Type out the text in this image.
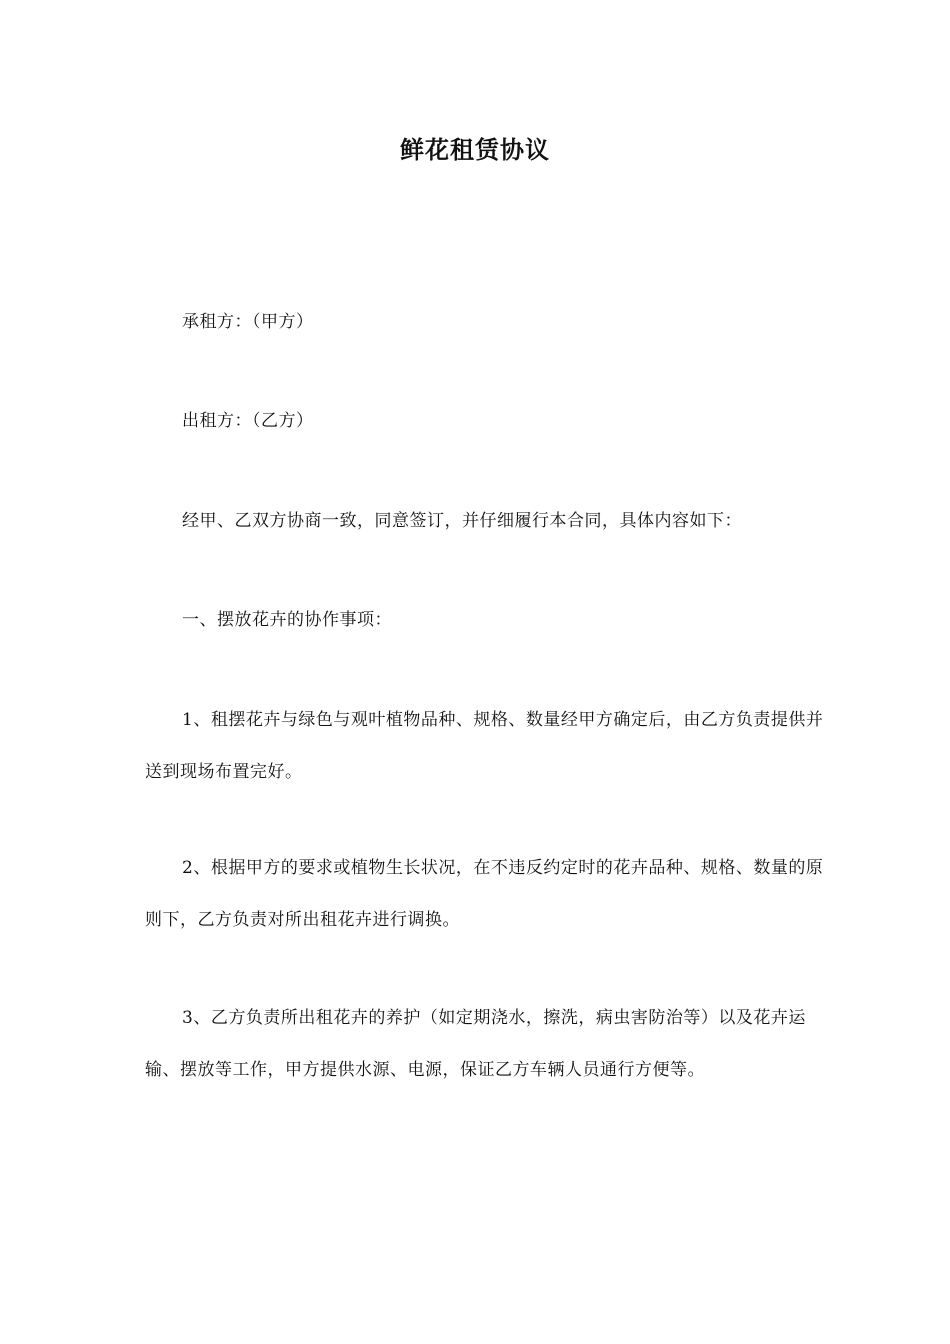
鲜花租赁协议

承租方：（甲方）

出租方：（乙方）

经甲、乙双方协商一致，同意签订，并仔细履行本合同，具体内容如下：

一、摆放花卉的协作事项：

1、租摆花卉与绿色与观叶植物品种、规格、数量经甲方确定后，由乙方负责提供并送到现场布置完好。

2、根据甲方的要求或植物生长状况，在不违反约定时的花卉品种、规格、数量的原则下，乙方负责对所出租花卉进行调换。

3、乙方负责所出租花卉的养护（如定期浇水，擦洗，病虫害防治等）以及花卉运输、摆放等工作，甲方提供水源、电源，保证乙方车辆人员通行方便等。
